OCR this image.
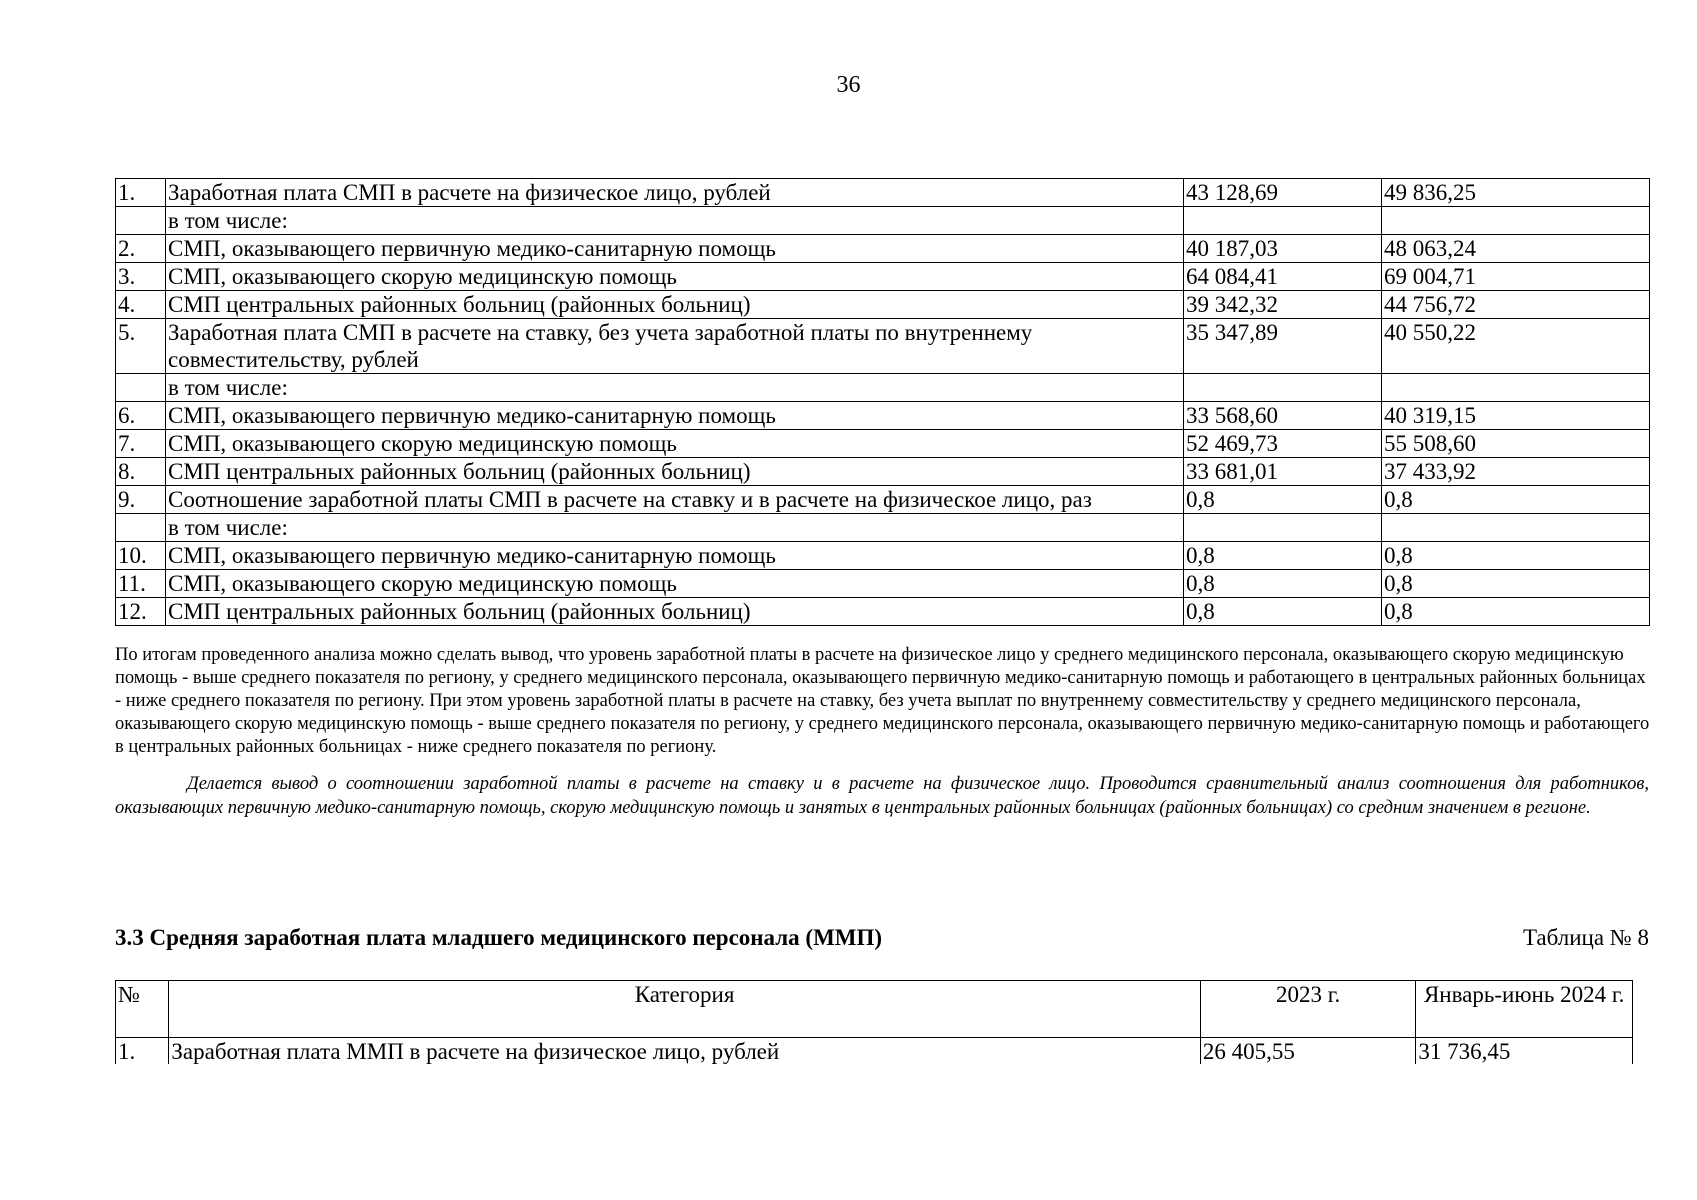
36
1.	Заработная плата СМП в расчете на физическое лицо, рублей	43 128,69	49 836,25
	в том числе:		
2.	СМП, оказывающего первичную медико-санитарную помощь	40 187,03	48 063,24
3.	СМП, оказывающего скорую медицинскую помощь	64 084,41	69 004,71
4.	СМП центральных районных больниц (районных больниц)	39 342,32	44 756,72
5.	Заработная плата СМП в расчете на ставку, без учета заработной платы по внутреннему совместительству, рублей	35 347,89	40 550,22
	в том числе:		
6.	СМП, оказывающего первичную медико-санитарную помощь	33 568,60	40 319,15
7.	СМП, оказывающего скорую медицинскую помощь	52 469,73	55 508,60
8.	СМП центральных районных больниц (районных больниц)	33 681,01	37 433,92
9.	Соотношение заработной платы СМП в расчете на ставку и в расчете на физическое лицо, раз	0,8	0,8
	в том числе:		
10.	СМП, оказывающего первичную медико-санитарную помощь	0,8	0,8
11.	СМП, оказывающего скорую медицинскую помощь	0,8	0,8
12.	СМП центральных районных больниц (районных больниц)	0,8	0,8
По итогам проведенного анализа можно сделать вывод, что уровень заработной платы в расчете на физическое лицо у среднего медицинского персонала, оказывающего скорую медицинскую помощь - выше среднего показателя по региону, у среднего медицинского персонала, оказывающего первичную медико-санитарную помощь и работающего в центральных районных больницах - ниже среднего показателя по региону. При этом уровень заработной платы в расчете на ставку, без учета выплат по внутреннему совместительству у среднего медицинского персонала, оказывающего скорую медицинскую помощь - выше среднего показателя по региону, у среднего медицинского персонала, оказывающего первичную медико-санитарную помощь и работающего в центральных районных больницах - ниже среднего показателя по региону.
Делается вывод о соотношении заработной платы в расчете на ставку и в расчете на физическое лицо. Проводится сравнительный анализ соотношения для работников, оказывающих первичную медико-санитарную помощь, скорую медицинскую помощь и занятых в центральных районных больницах (районных больницах) со средним значением в регионе.
3.3 Средняя заработная плата младшего медицинского персонала (ММП)	Таблица № 8
№	Категория	2023 г.	Январь-июнь 2024 г.
1.	Заработная плата ММП в расчете на физическое лицо, рублей	26 405,55	31 736,45
